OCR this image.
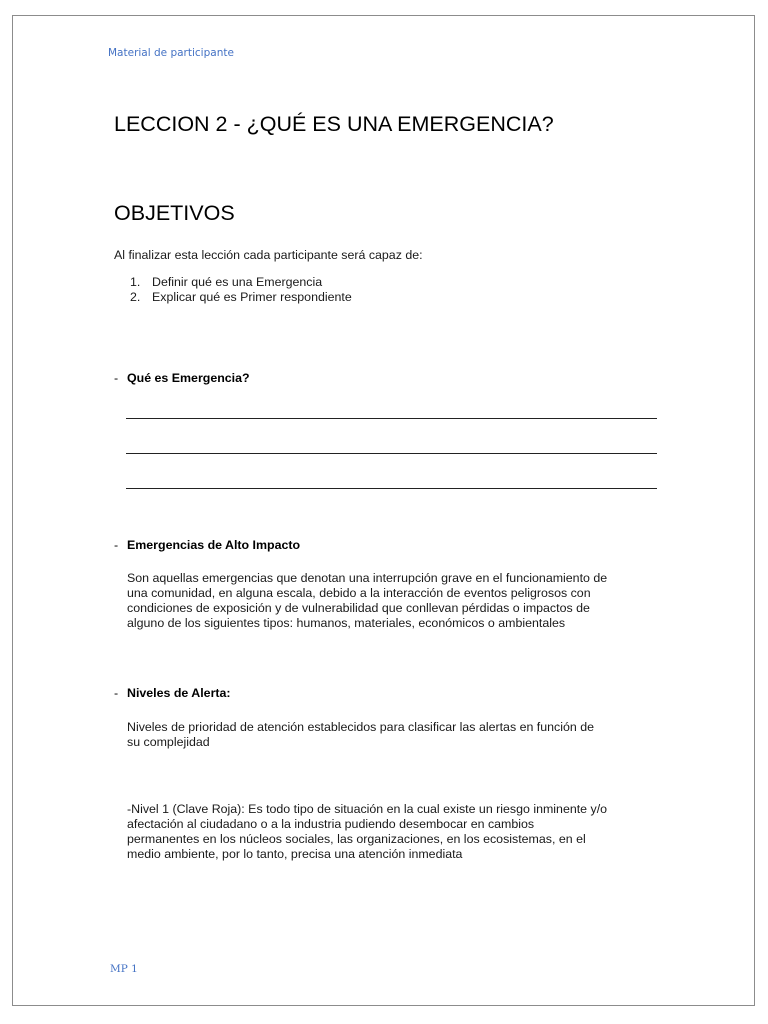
Material de participante
LECCION 2 - ¿QUÉ ES UNA EMERGENCIA?
OBJETIVOS
Al finalizar esta lección cada participante será capaz de:
1. Definir qué es una Emergencia
2. Explicar qué es Primer respondiente
- Qué es Emergencia?
- Emergencias de Alto Impacto
Son aquellas emergencias que denotan una interrupción grave en el funcionamiento de
una comunidad, en alguna escala, debido a la interacción de eventos peligrosos con
condiciones de exposición y de vulnerabilidad que conllevan pérdidas o impactos de
alguno de los siguientes tipos: humanos, materiales, económicos o ambientales
- Niveles de Alerta:
Niveles de prioridad de atención establecidos para clasificar las alertas en función de
su complejidad
-Nivel 1 (Clave Roja): Es todo tipo de situación en la cual existe un riesgo inminente y/o
afectación al ciudadano o a la industria pudiendo desembocar en cambios
permanentes en los núcleos sociales, las organizaciones, en los ecosistemas, en el
medio ambiente, por lo tanto, precisa una atención inmediata
MP 1
